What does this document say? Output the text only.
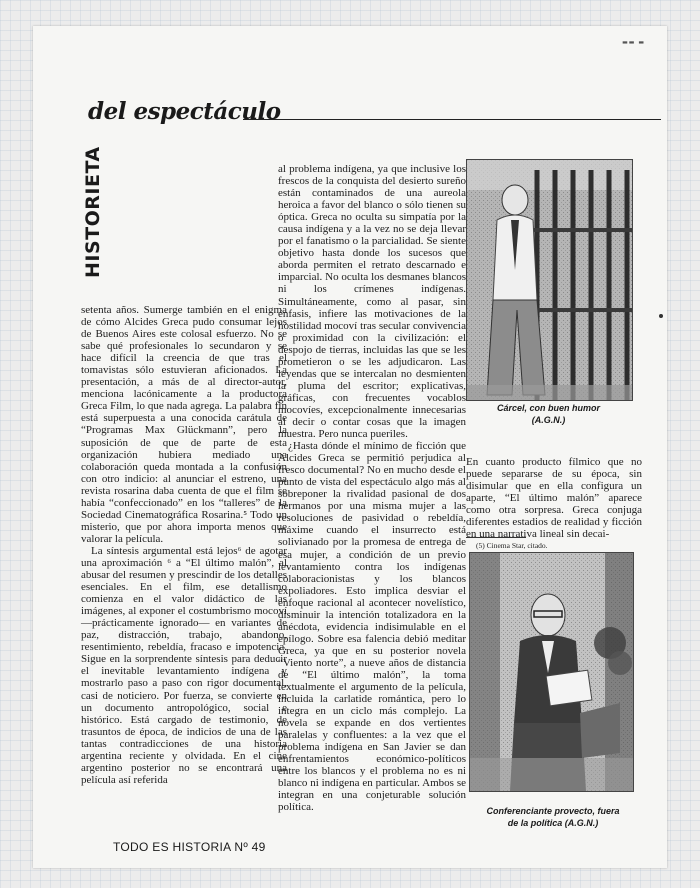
▬▬ ▬
del espectáculo
HISTORIETA

setenta años. Sumerge también en el enigma de cómo Alcides Greca pudo consumar lejos de Buenos Aires este colosal esfuerzo. No se sabe qué profesionales lo secundaron y se hace difícil la creencia de que tras el tomavistas sólo estuvieran aficionados. La presentación, a más de al director-autor, menciona lacónicamente a la productora Greca Film, lo que nada agrega. La palabra fin está superpuesta a una conocida carátula de “Programas Max Glückmann”, pero la suposición de que de parte de esta organización hubiera mediado una colaboración queda montada a la confusión con otro indicio: al anunciar el estreno, una revista rosarina daba cuenta de que el film se había “confeccionado” en los “talleres” de la Sociedad Cinematográfica Rosarina.⁵ Todo un misterio, que por ahora importa menos que valorar la película.

La síntesis argumental está lejos⁶ de agotar una aproximación ⁶ a “El último malón”, al abusar del resumen y prescindir de los detalles esenciales. En el film, ese detallismo comienza en el valor didáctico de las imágenes, al exponer el costumbrismo mocoví —prácticamente ignorado— en variantes de paz, distracción, trabajo, abandono, resentimiento, rebeldía, fracaso e impotencia. Sigue en la sorprendente síntesis para deducir el inevitable levantamiento indígena y mostrarlo paso a paso con rigor documental, casi de noticiero. Por fuerza, se convierte en un documento antropológico, social e histórico. Está cargado de testimonio, de trasuntos de época, de indicios de una de las tantas contradicciones de una historia argentina reciente y olvidada. En el cine argentino posterior no se encontrará una película así referida

al problema indígena, ya que inclusive los frescos de la conquista del desierto sureño están contaminados de una aureola heroica a favor del blanco o sólo tienen su óptica. Greca no oculta su simpatía por la causa indígena y a la vez no se deja llevar por el fanatismo o la parcialidad. Se siente objetivo hasta donde los sucesos que aborda permiten el retrato descarnado e imparcial. No oculta los desmanes blancos ni los crímenes indígenas. Simultáneamente, como al pasar, sin énfasis, infiere las motivaciones de la hostilidad mocoví tras secular convivencia o proximidad con la civilización: el despojo de tierras, incluidas las que se les prometieron o se les adjudicaron. Las leyendas que se intercalan no desmienten la pluma del escritor; explicativas, gráficas, con frecuentes vocablos mocovíes, excepcionalmente innecesarias al decir o contar cosas que la imagen muestra. Pero nunca pueriles.

¿Hasta dónde el mínimo de ficción que Alcides Greca se permitió perjudica al fresco documental? No en mucho desde el punto de vista del espectáculo algo más al sobreponer la rivalidad pasional de dos hermanos por una misma mujer a las resoluciones de pasividad o rebeldía, máxime cuando el insurrecto está solivianado por la promesa de entrega de esa mujer, a condición de un previo levantamiento contra los indígenas colaboracionistas y los blancos expoliadores. Esto implica desviar el enfoque racional al acontecer novelístico, disminuir la intención totalizadora en la anécdota, evidencia indisimulable en el epílogo. Sobre esa falencia debió meditar Greca, ya que en su posterior novela “Viento norte”, a nueve años de distancia de “El último malón”, la toma textualmente el argumento de la película, incluida la carlatide romántica, pero lo integra en un ciclo más complejo. La novela se expande en dos vertientes paralelas y confluentes: a la vez que el problema indígena en San Javier se dan enfrentamientos económico-políticos entre los blancos y el problema no es ni blanco ni indígena en particular. Ambos se integran en una conjeturable solución política.

Cárcel, con buen humor
(A.G.N.)

En cuanto producto fílmico que no puede separarse de su época, sin disimular que en ella configura un aparte, “El último malón” aparece como otra sorpresa. Greca conjuga diferentes estadios de realidad y ficción en una narrativa lineal sin decai-

(5) Cinema Star, citado.
Conferenciante provecto, fuera
de la política (A.G.N.)
TODO ES HISTORIA Nº 49
